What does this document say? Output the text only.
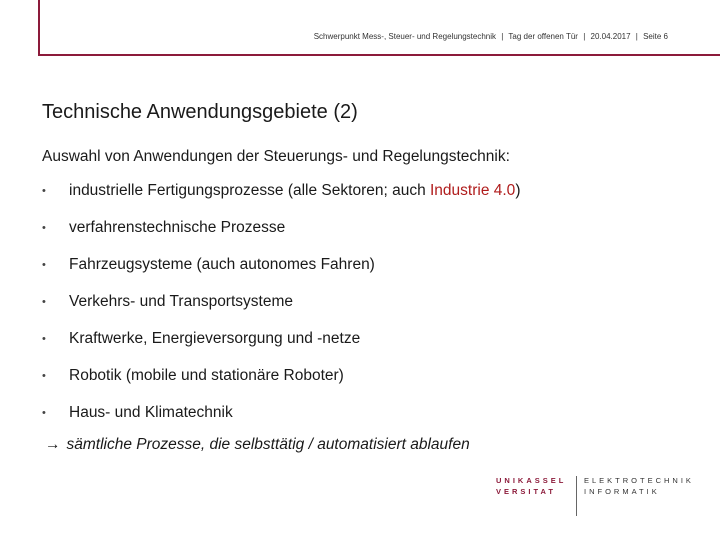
Schwerpunkt Mess-, Steuer- und Regelungstechnik | Tag der offenen Tür | 20.04.2017 | Seite 6
Technische Anwendungsgebiete (2)
Auswahl von Anwendungen der Steuerungs- und Regelungstechnik:
•	industrielle Fertigungsprozesse (alle Sektoren; auch Industrie 4.0)
•	verfahrenstechnische Prozesse
•	Fahrzeugsysteme (auch autonomes Fahren)
•	Verkehrs- und Transportsysteme
•	Kraftwerke, Energieversorgung und -netze
•	Robotik (mobile und stationäre Roboter)
•	Haus- und Klimatechnik
→ sämtliche Prozesse, die selbsttätig / automatisiert ablaufen
UNIKASSEL
VERSITAT
ELEKTROTECHNIK
INFORMATIK
